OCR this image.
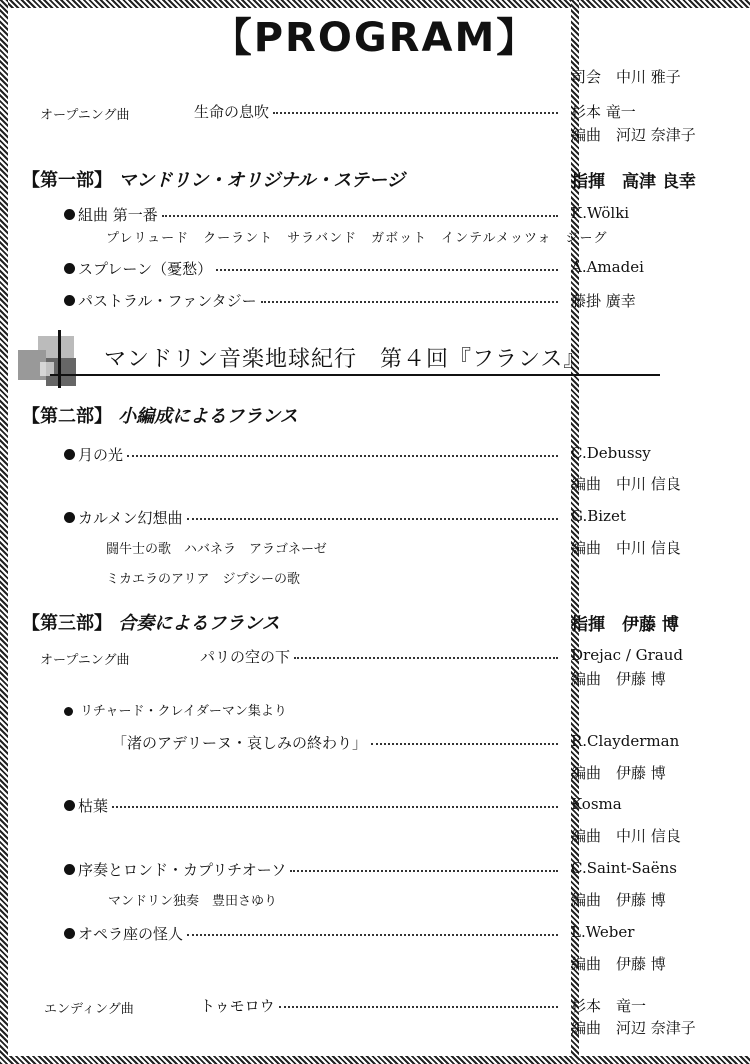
【PROGRAM】
司会　中川 雅子
オープニング曲	生命の息吹	杉本 竜一
編曲　河辺 奈津子
【第一部】 マンドリン・オリジナル・ステージ	指揮　高津 良幸
組曲 第一番	K.Wölki
プレリュード　クーラント　サラバンド　ガボット　インテルメッツォ　ジーグ
スプレーン（憂愁）	A.Amadei
パストラル・ファンタジー	藤掛 廣幸
マンドリン音楽地球紀行　第４回『フランス』
【第二部】 小編成によるフランス
月の光	C.Debussy
編曲　中川 信良
カルメン幻想曲	G.Bizet
闘牛士の歌　ハバネラ　アラゴネーゼ	編曲　中川 信良
ミカエラのアリア　ジプシーの歌
【第三部】 合奏によるフランス	指揮　伊藤 博
オープニング曲	パリの空の下	Drejac / Graud
編曲　伊藤 博
リチャード・クレイダーマン集より
「渚のアデリーヌ・哀しみの終わり」	R.Clayderman
編曲　伊藤 博
枯葉	Kosma
編曲　中川 信良
序奏とロンド・カプリチオーソ	C.Saint-Saëns
マンドリン独奏　豊田さゆり	編曲　伊藤 博
オペラ座の怪人	L.Weber
編曲　伊藤 博
エンディング曲	トゥモロウ	杉本　竜一
編曲　河辺 奈津子
